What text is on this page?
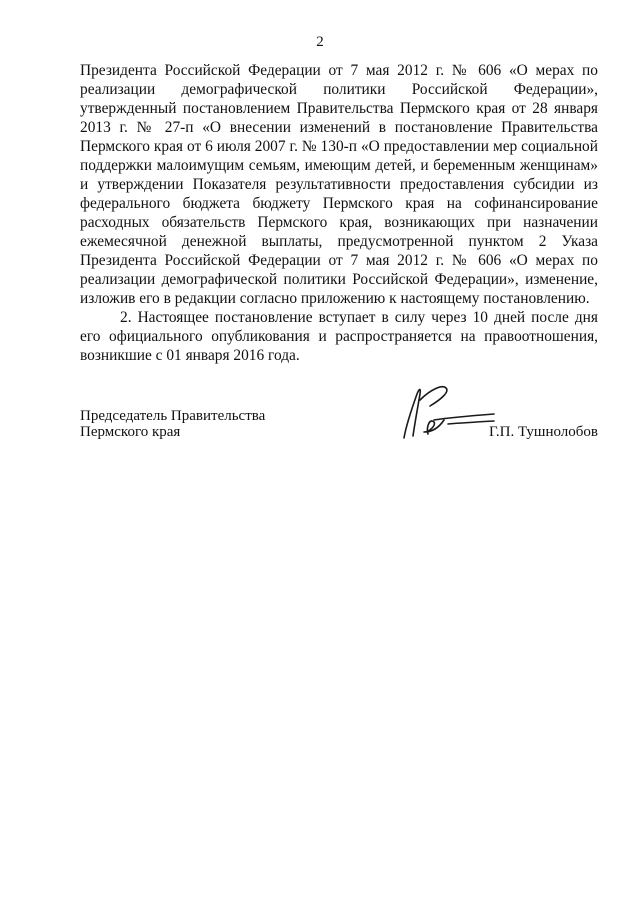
2

Президента Российской Федерации от 7 мая 2012 г. № 606 «О мерах по реализации демографической политики Российской Федерации», утвержденный постановлением Правительства Пермского края от 28 января 2013 г. № 27-п «О внесении изменений в постановление Правительства Пермского края от 6 июля 2007 г. № 130-п «О предоставлении мер социальной поддержки малоимущим семьям, имеющим детей, и беременным женщинам» и утверждении Показателя результативности предоставления субсидии из федерального бюджета бюджету Пермского края на софинансирование расходных обязательств Пермского края, возникающих при назначении ежемесячной денежной выплаты, предусмотренной пунктом 2 Указа Президента Российской Федерации от 7 мая 2012 г. № 606 «О мерах по реализации демографической политики Российской Федерации», изменение, изложив его в редакции согласно приложению к настоящему постановлению.

2. Настоящее постановление вступает в силу через 10 дней после дня его официального опубликования и распространяется на правоотношения, возникшие с 01 января 2016 года.

Председатель Правительства
Пермского края	Г.П. Тушнолобов
